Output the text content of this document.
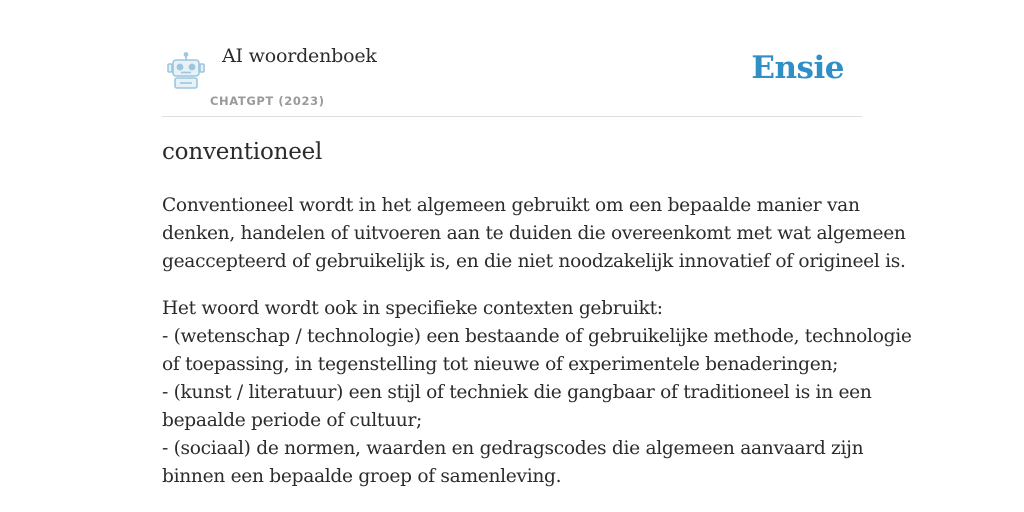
AI woordenboek
CHATGPT (2023)
Ensie
conventioneel

Conventioneel wordt in het algemeen gebruikt om een bepaalde manier van
denken, handelen of uitvoeren aan te duiden die overeenkomt met wat algemeen
geaccepteerd of gebruikelijk is, en die niet noodzakelijk innovatief of origineel is.

Het woord wordt ook in specifieke contexten gebruikt:
- (wetenschap / technologie) een bestaande of gebruikelijke methode, technologie
of toepassing, in tegenstelling tot nieuwe of experimentele benaderingen;
- (kunst / literatuur) een stijl of techniek die gangbaar of traditioneel is in een
bepaalde periode of cultuur;
- (sociaal) de normen, waarden en gedragscodes die algemeen aanvaard zijn
binnen een bepaalde groep of samenleving.
